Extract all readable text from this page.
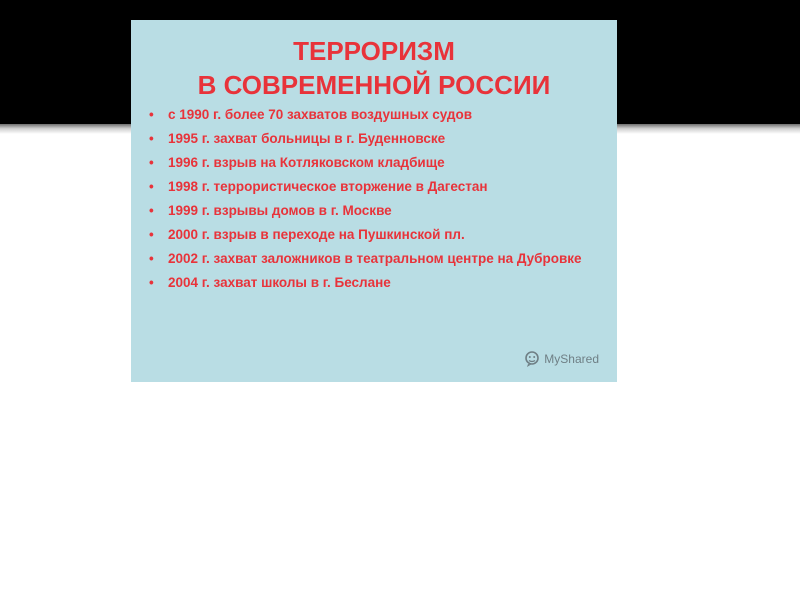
ТЕРРОРИЗМ
В СОВРЕМЕННОЙ РОССИИ
• с 1990 г. более 70 захватов воздушных судов
• 1995 г. захват больницы в г. Буденновске
• 1996 г. взрыв на Котляковском кладбище
• 1998 г. террористическое вторжение в Дагестан
• 1999 г. взрывы домов в г. Москве
• 2000 г. взрыв в переходе на Пушкинской пл.
• 2002 г. захват заложников в театральном центре на Дубровке
• 2004 г. захват школы в г. Беслане
MyShared
